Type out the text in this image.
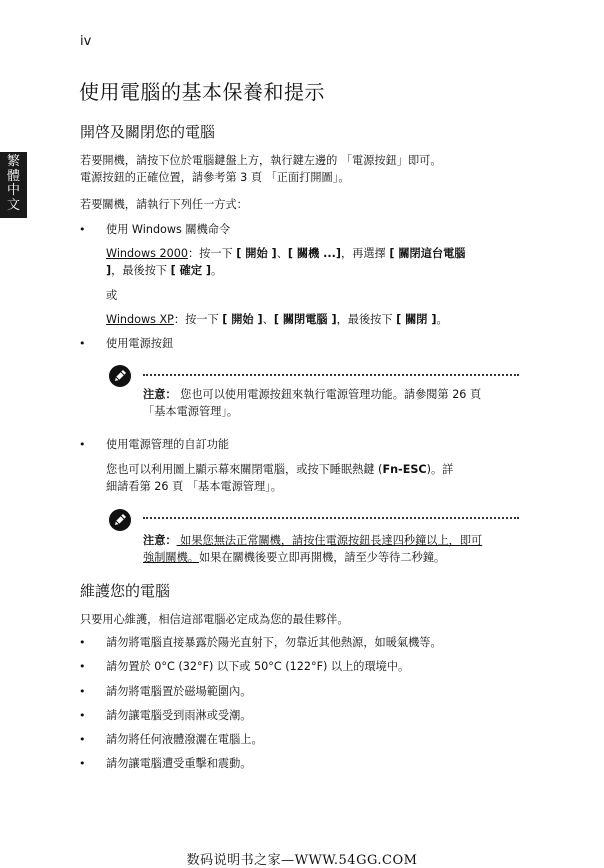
iv
繁
體
中
文
使用電腦的基本保養和提示
開啓及關閉您的電腦
若要開機，請按下位於電腦鍵盤上方，執行鍵左邊的 「電源按鈕」即可。
電源按鈕的正確位置，請參考第 3 頁 「正面打開圖」。
若要關機，請執行下列任一方式：
• 使用 Windows 關機命令
Windows 2000：按一下 [ 開始 ]、[ 關機 ...]，再選擇 [ 關閉這台電腦
]，最後按下 [ 確定 ]。
或
Windows XP：按一下 [ 開始 ]、[ 關閉電腦 ]，最後按下 [ 關閉 ]。
• 使用電源按鈕
注意： 您也可以使用電源按鈕來執行電源管理功能。請參閱第 26 頁
「基本電源管理」。
• 使用電源管理的自訂功能
您也可以利用圖上顯示幕來關閉電腦，或按下睡眠熱鍵 (Fn-ESC)。詳
細請看第 26 頁 「基本電源管理」。
注意： 如果您無法正常關機，請按住電源按鈕長達四秒鐘以上，即可
強制關機。如果在關機後要立即再開機，請至少等待二秒鐘。
維護您的電腦
只要用心維護，相信這部電腦必定成為您的最佳夥伴。
• 請勿將電腦直接暴露於陽光直射下，勿靠近其他熱源，如暖氣機等。
• 請勿置於 0°C (32°F) 以下或 50°C (122°F) 以上的環境中。
• 請勿將電腦置於磁場範圍內。
• 請勿讓電腦受到雨淋或受潮。
• 請勿將任何液體潑灑在電腦上。
• 請勿讓電腦遭受重擊和震動。
数码说明书之家—WWW.54GG.COM
